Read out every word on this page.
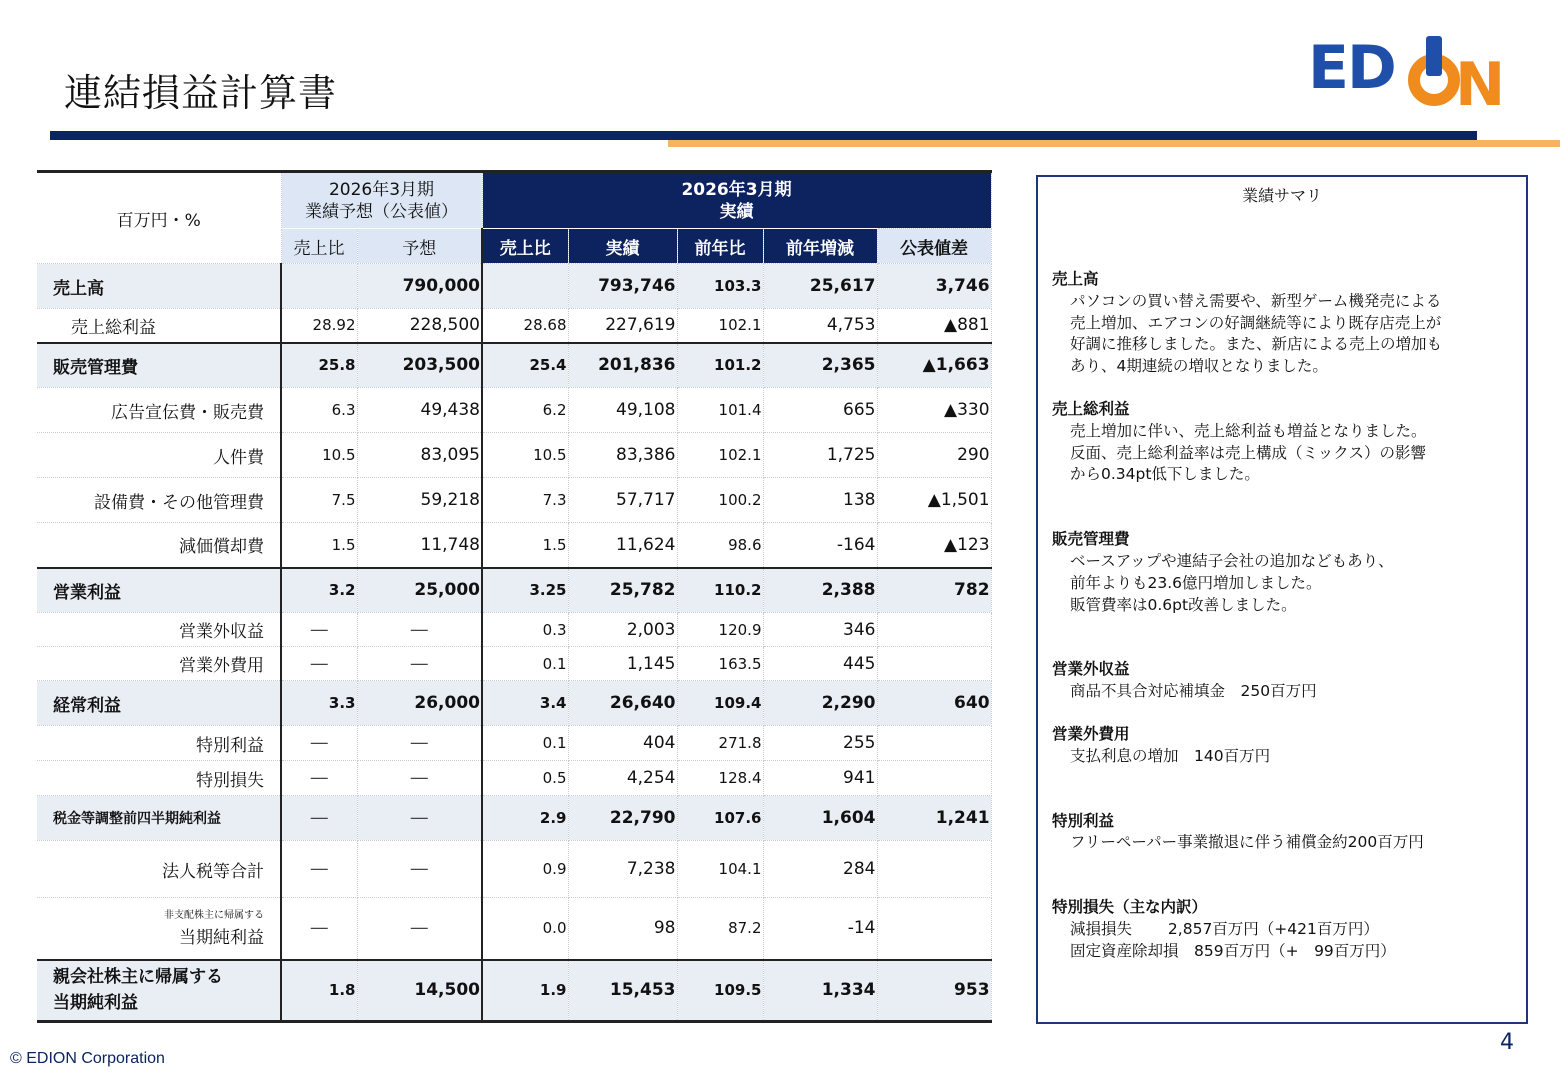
連結損益計算書	ED N
百万円・%	2026年3月期
業績予想（公表値）		2026年3月期
実績				
	売上比	予想	売上比	実績	前年比	前年増減	公表値差
売上高		790,000		793,746	103.3	25,617	3,746
売上総利益	28.92	228,500	28.68	227,619	102.1	4,753	▲881
販売管理費	25.8	203,500	25.4	201,836	101.2	2,365	▲1,663
広告宣伝費・販売費	6.3	49,438	6.2	49,108	101.4	665	▲330
人件費	10.5	83,095	10.5	83,386	102.1	1,725	290
設備費・その他管理費	7.5	59,218	7.3	57,717	100.2	138	▲1,501
減価償却費	1.5	11,748	1.5	11,624	98.6	-164	▲123
営業利益	3.2	25,000	3.25	25,782	110.2	2,388	782
営業外収益	―	―	0.3	2,003	120.9	346	
営業外費用	―	―	0.1	1,145	163.5	445	
経常利益	3.3	26,000	3.4	26,640	109.4	2,290	640
特別利益	―	―	0.1	404	271.8	255	
特別損失	―	―	0.5	4,254	128.4	941	
税金等調整前四半期純利益	―	―	2.9	22,790	107.6	1,604	1,241
法人税等合計	―	―	0.9	7,238	104.1	284	

非支配株主に帰属する
当期純利益	―	―	0.0	98	87.2	-14	
親会社株主に帰属する
当期純利益	1.8	14,500	1.9	15,453	109.5	1,334	953
業績サマリ
売上高
パソコンの買い替え需要や、新型ゲーム機発売による
売上増加、エアコンの好調継続等により既存店売上が
好調に推移しました。また、新店による売上の増加も
あり、4期連続の増収となりました。
売上総利益
売上増加に伴い、売上総利益も増益となりました。
反面、売上総利益率は売上構成（ミックス）の影響
から0.34pt低下しました。
販売管理費
ベースアップや連結子会社の追加などもあり、
前年よりも23.6億円増加しました。
販管費率は0.6pt改善しました。
営業外収益
商品不具合対応補填金　250百万円
営業外費用
支払利息の増加　140百万円
特別利益
フリーペーパー事業撤退に伴う補償金約200百万円
特別損失（主な内訳）
減損損失　　 2,857百万円（+421百万円）
固定資産除却損　859百万円（+　99百万円）
4
© EDION Corporation
